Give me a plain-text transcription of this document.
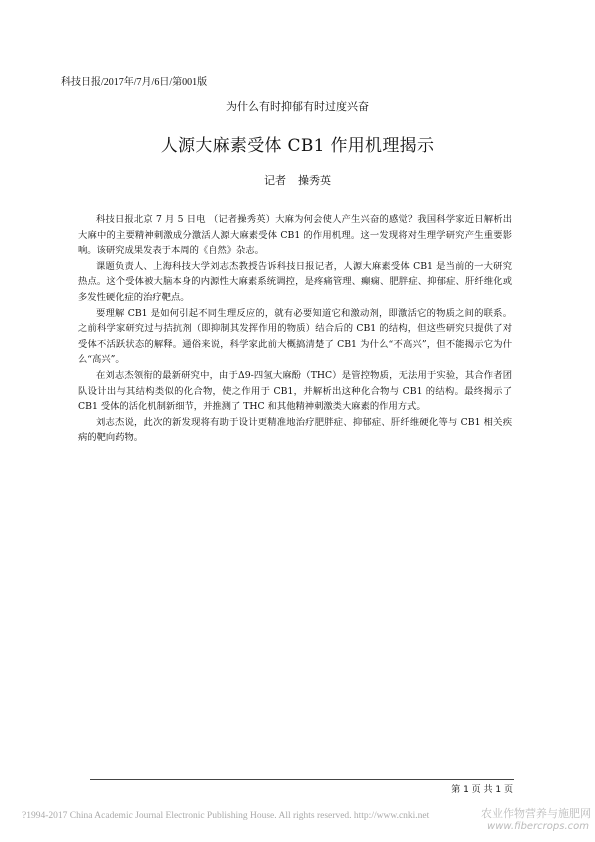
科技日报/2017年/7月/6日/第001版
为什么有时抑郁有时过度兴奋
人源大麻素受体 CB1 作用机理揭示
记者 操秀英

科技日报北京 7 月 5 日电 （记者操秀英）大麻为何会使人产生兴奋的感觉？我国科学家近日解析出大麻中的主要精神刺激成分激活人源大麻素受体 CB1 的作用机理。这一发现将对生理学研究产生重要影响。该研究成果发表于本周的《自然》杂志。

课题负责人、上海科技大学刘志杰教授告诉科技日报记者，人源大麻素受体 CB1 是当前的一大研究热点。这个受体被大脑本身的内源性大麻素系统调控，是疼痛管理、癫痫、肥胖症、抑郁症、肝纤维化或多发性硬化症的治疗靶点。

要理解 CB1 是如何引起不同生理反应的，就有必要知道它和激动剂，即激活它的物质之间的联系。之前科学家研究过与拮抗剂（即抑制其发挥作用的物质）结合后的 CB1 的结构，但这些研究只提供了对受体不活跃状态的解释。通俗来说，科学家此前大概搞清楚了 CB1 为什么“不高兴”，但不能揭示它为什么“高兴”。

在刘志杰领衔的最新研究中，由于Δ9-四氢大麻酚（THC）是管控物质，无法用于实验，其合作者团队设计出与其结构类似的化合物，使之作用于 CB1，并解析出这种化合物与 CB1 的结构。最终揭示了 CB1 受体的活化机制新细节，并推测了 THC 和其他精神刺激类大麻素的作用方式。

刘志杰说，此次的新发现将有助于设计更精准地治疗肥胖症、抑郁症、肝纤维硬化等与 CB1 相关疾病的靶向药物。

第 1 页 共 1 页
?1994-2017 China Academic Journal Electronic Publishing House. All rights reserved. http://www.cnki.net	农业作物营养与施肥网
www.fibercrops.com
